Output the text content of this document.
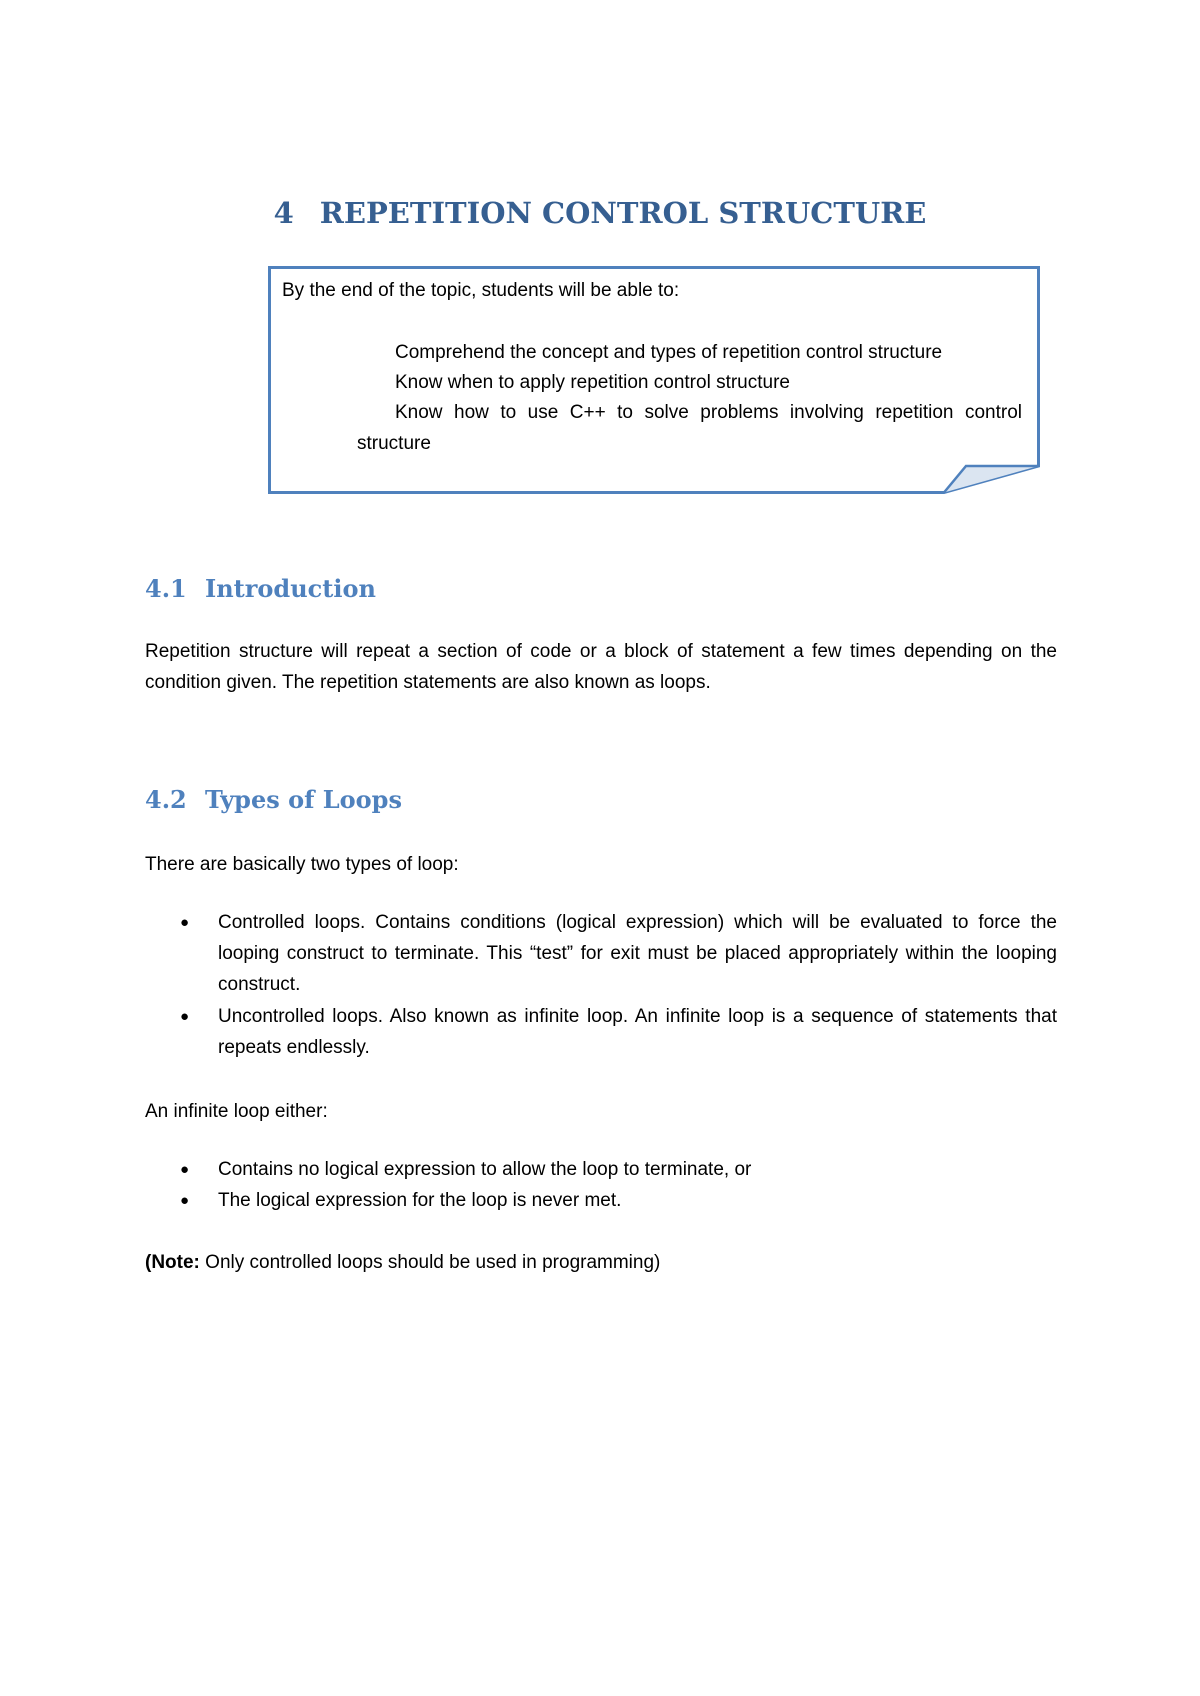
4 REPETITION CONTROL STRUCTURE
By the end of the topic, students will be able to:
Comprehend the concept and types of repetition control structure
Know when to apply repetition control structure
Know how to use C++ to solve problems involving repetition control
structure
4.1 Introduction
Repetition structure will repeat a section of code or a block of statement a few times depending on the condition given. The repetition statements are also known as loops.
4.2 Types of Loops
There are basically two types of loop:
● Controlled loops. Contains conditions (logical expression) which will be evaluated to force the looping construct to terminate. This “test” for exit must be placed appropriately within the looping construct.
● Uncontrolled loops. Also known as infinite loop. An infinite loop is a sequence of statements that repeats endlessly.
An infinite loop either:
● Contains no logical expression to allow the loop to terminate, or
● The logical expression for the loop is never met.
(Note: Only controlled loops should be used in programming)
